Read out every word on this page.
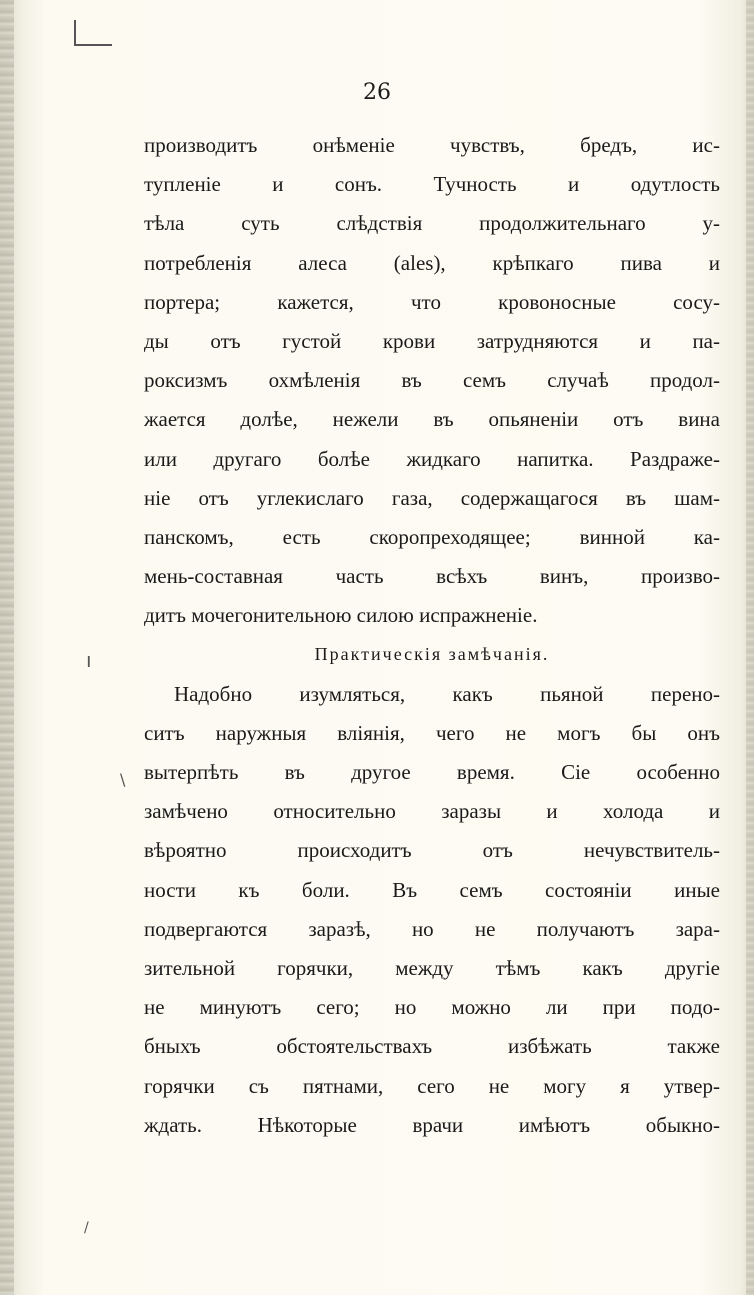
26
ı
\
/
производитъ онѣменіе чувствъ, бредъ, ис-
тупленіе и сонъ. Тучность и одутлость
тѣла суть слѣдствія продолжительнаго у-
потребленія алеса (ales), крѣпкаго пива и
портера; кажется, что кровоносные сосу-
ды отъ густой крови затрудняются и па-
роксизмъ охмѣленія въ семъ случаѣ продол-
жается долѣе, нежели въ опьяненіи отъ вина
или другаго болѣе жидкаго напитка. Раздраже-
ніе отъ углекислаго газа, содержащагося въ шам-
панскомъ, есть скоропреходящее; винной ка-
мень-составная часть всѣхъ винъ, произво-
дитъ мочегонительною силою испражненіе.
Практическія замѣчанія.
Надобно изумляться, какъ пьяной перено-
ситъ наружныя вліянія, чего не могъ бы онъ
вытерпѣть въ другое время. Сіе особенно
замѣчено относительно заразы и холода и
вѣроятно происходитъ отъ нечувствитель-
ности къ боли. Въ семъ состояніи иные
подвергаются заразѣ, но не получаютъ зара-
зительной горячки, между тѣмъ какъ другіе
не минуютъ сего; но можно ли при подо-
бныхъ обстоятельствахъ избѣжать также
горячки съ пятнами, сего не могу я утвер-
ждать. Нѣкоторые врачи имѣютъ обыкно-
